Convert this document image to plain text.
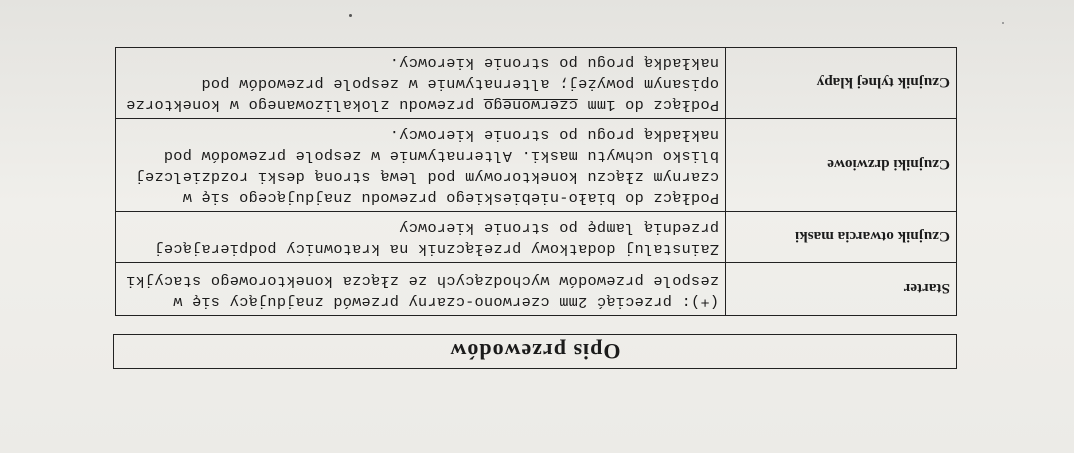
Opis przewodów
Starter	(+): przeciąć 2mm czerwono-czarny przewód znajdujący się w zespole przewodów wychodzących ze złącza konektorowego stacyjki
Czujnik otwarcia maski	Zainstaluj dodatkowy przełącznik na kratownicy podpierającej przednią lampę po stronie kierowcy
Czujniki drzwiowe	Podłącz do biało-niebieskiego przewodu znajdującego się w czarnym złączu konektorowym pod lewą stroną deski rozdzielczej blisko uchwytu maski. Alternatywnie w zespole przewodów pod nakładką progu po stronie kierowcy.
Czujnik tylnej klapy	Podłącz do 1mm czerwonego przewodu zlokalizowanego w konektorze opisanym powyżej; alternatywnie w zespole przewodów pod nakładką progu po stronie kierowcy.
